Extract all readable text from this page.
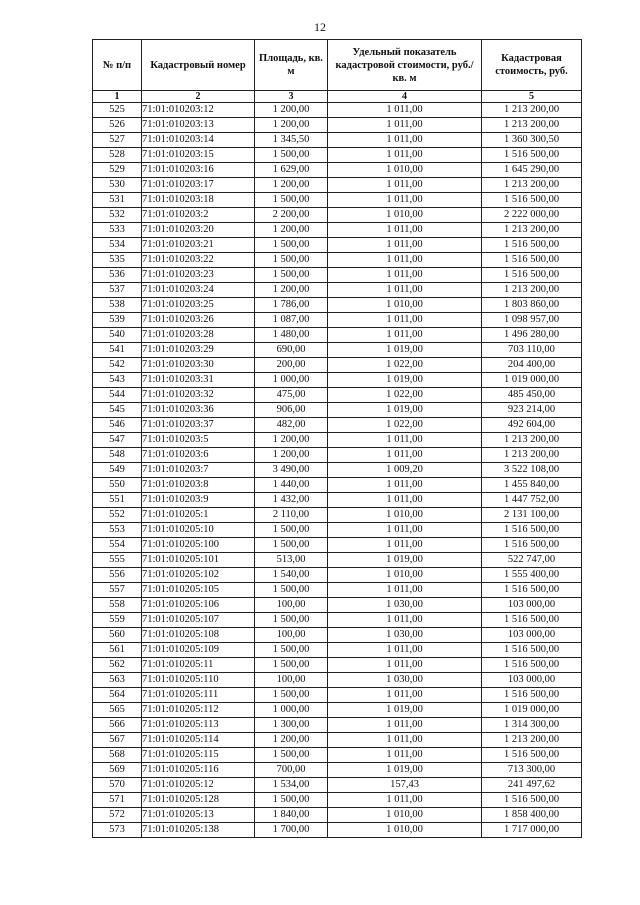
12
№ п/п	Кадастровый номер	Площадь, кв. м	Удельный показатель кадастровой стоимости, руб./кв. м	Кадастровая стоимость, руб.
1	2	3	4	5
525	71:01:010203:12	1 200,00	1 011,00	1 213 200,00
526	71:01:010203:13	1 200,00	1 011,00	1 213 200,00
527	71:01:010203:14	1 345,50	1 011,00	1 360 300,50
528	71:01:010203:15	1 500,00	1 011,00	1 516 500,00
529	71:01:010203:16	1 629,00	1 010,00	1 645 290,00
530	71:01:010203:17	1 200,00	1 011,00	1 213 200,00
531	71:01:010203:18	1 500,00	1 011,00	1 516 500,00
532	71:01:010203:2	2 200,00	1 010,00	2 222 000,00
533	71:01:010203:20	1 200,00	1 011,00	1 213 200,00
534	71:01:010203:21	1 500,00	1 011,00	1 516 500,00
535	71:01:010203:22	1 500,00	1 011,00	1 516 500,00
536	71:01:010203:23	1 500,00	1 011,00	1 516 500,00
537	71:01:010203:24	1 200,00	1 011,00	1 213 200,00
538	71:01:010203:25	1 786,00	1 010,00	1 803 860,00
539	71:01:010203:26	1 087,00	1 011,00	1 098 957,00
540	71:01:010203:28	1 480,00	1 011,00	1 496 280,00
541	71:01:010203:29	690,00	1 019,00	703 110,00
542	71:01:010203:30	200,00	1 022,00	204 400,00
543	71:01:010203:31	1 000,00	1 019,00	1 019 000,00
544	71:01:010203:32	475,00	1 022,00	485 450,00
545	71:01:010203:36	906,00	1 019,00	923 214,00
546	71:01:010203:37	482,00	1 022,00	492 604,00
547	71:01:010203:5	1 200,00	1 011,00	1 213 200,00
548	71:01:010203:6	1 200,00	1 011,00	1 213 200,00
549	71:01:010203:7	3 490,00	1 009,20	3 522 108,00
550	71:01:010203:8	1 440,00	1 011,00	1 455 840,00
551	71:01:010203:9	1 432,00	1 011,00	1 447 752,00
552	71:01:010205:1	2 110,00	1 010,00	2 131 100,00
553	71:01:010205:10	1 500,00	1 011,00	1 516 500,00
554	71:01:010205:100	1 500,00	1 011,00	1 516 500,00
555	71:01:010205:101	513,00	1 019,00	522 747,00
556	71:01:010205:102	1 540,00	1 010,00	1 555 400,00
557	71:01:010205:105	1 500,00	1 011,00	1 516 500,00
558	71:01:010205:106	100,00	1 030,00	103 000,00
559	71:01:010205:107	1 500,00	1 011,00	1 516 500,00
560	71:01:010205:108	100,00	1 030,00	103 000,00
561	71:01:010205:109	1 500,00	1 011,00	1 516 500,00
562	71:01:010205:11	1 500,00	1 011,00	1 516 500,00
563	71:01:010205:110	100,00	1 030,00	103 000,00
564	71:01:010205:111	1 500,00	1 011,00	1 516 500,00
565	71:01:010205:112	1 000,00	1 019,00	1 019 000,00
566	71:01:010205:113	1 300,00	1 011,00	1 314 300,00
567	71:01:010205:114	1 200,00	1 011,00	1 213 200,00
568	71:01:010205:115	1 500,00	1 011,00	1 516 500,00
569	71:01:010205:116	700,00	1 019,00	713 300,00
570	71:01:010205:12	1 534,00	157,43	241 497,62
571	71:01:010205:128	1 500,00	1 011,00	1 516 500,00
572	71:01:010205:13	1 840,00	1 010,00	1 858 400,00
573	71:01:010205:138	1 700,00	1 010,00	1 717 000,00
